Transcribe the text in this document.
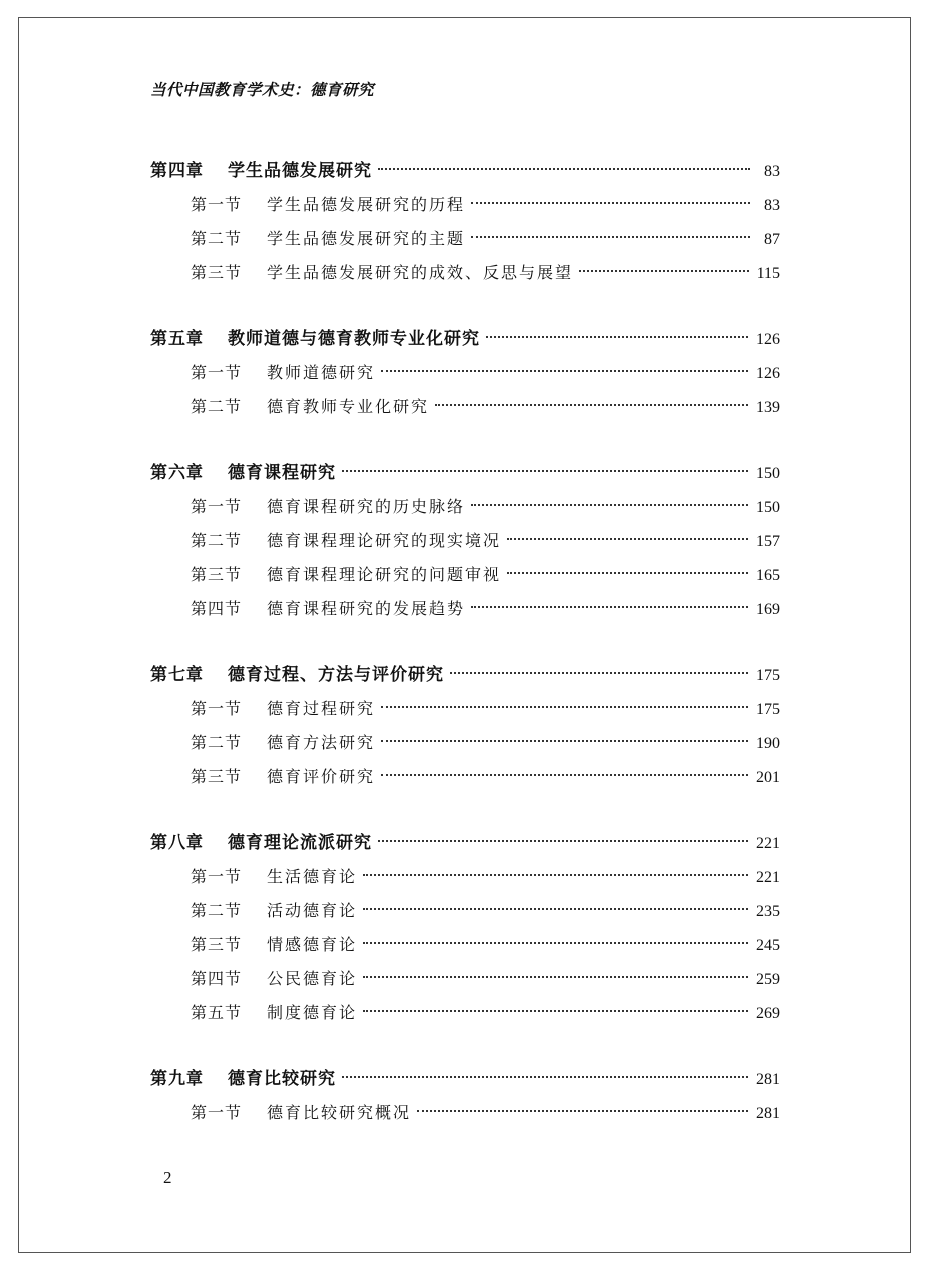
当代中国教育学术史：德育研究
第四章	学生品德发展研究	83
第一节	学生品德发展研究的历程	83
第二节	学生品德发展研究的主题	87
第三节	学生品德发展研究的成效、反思与展望	115
第五章	教师道德与德育教师专业化研究	126
第一节	教师道德研究	126
第二节	德育教师专业化研究	139
第六章	德育课程研究	150
第一节	德育课程研究的历史脉络	150
第二节	德育课程理论研究的现实境况	157
第三节	德育课程理论研究的问题审视	165
第四节	德育课程研究的发展趋势	169
第七章	德育过程、方法与评价研究	175
第一节	德育过程研究	175
第二节	德育方法研究	190
第三节	德育评价研究	201
第八章	德育理论流派研究	221
第一节	生活德育论	221
第二节	活动德育论	235
第三节	情感德育论	245
第四节	公民德育论	259
第五节	制度德育论	269
第九章	德育比较研究	281
第一节	德育比较研究概况	281
2
